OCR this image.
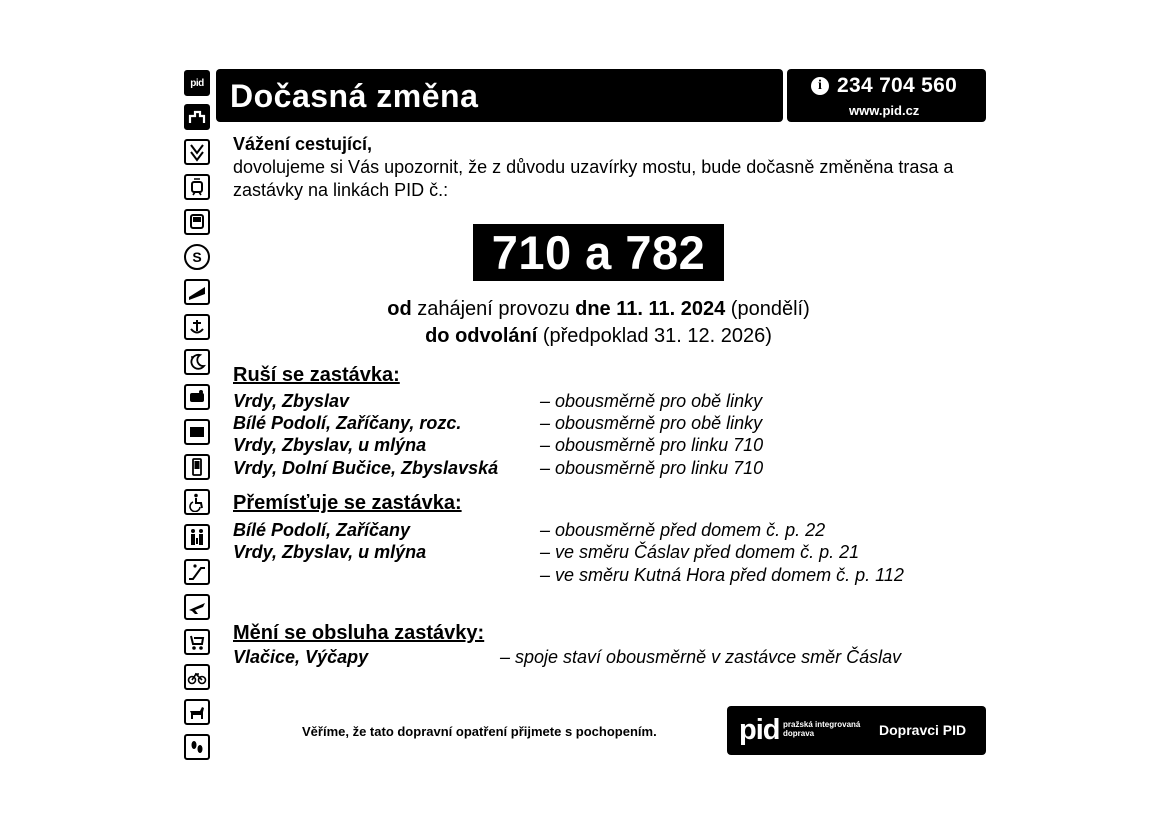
pid
S
Dočasná změna	i 234 704 560
www.pid.cz
Vážení cestující,
dovolujeme si Vás upozornit, že z důvodu uzavírky mostu, bude dočasně změněna trasa a zastávky na linkách PID č.:
710 a 782
od zahájení provozu dne 11. 11. 2024 (pondělí)
do odvolání (předpoklad 31. 12. 2026)
Ruší se zastávka:
Vrdy, Zbyslav	– obousměrně pro obě linky
Bílé Podolí, Zaříčany, rozc.	– obousměrně pro obě linky
Vrdy, Zbyslav, u mlýna	– obousměrně pro linku 710
Vrdy, Dolní Bučice, Zbyslavská – obousměrně pro linku 710
Přemísťuje se zastávka:
Bílé Podolí, Zaříčany	– obousměrně před domem č. p. 22
Vrdy, Zbyslav, u mlýna	– ve směru Čáslav před domem č. p. 21
– ve směru Kutná Hora před domem č. p. 112
Mění se obsluha zastávky:
Vlačice, Výčapy	– spoje staví obousměrně v zastávce směr Čáslav
Věříme, že tato dopravní opatření přijmete s pochopením.	pid pražská integrovaná doprava	Dopravci PID
